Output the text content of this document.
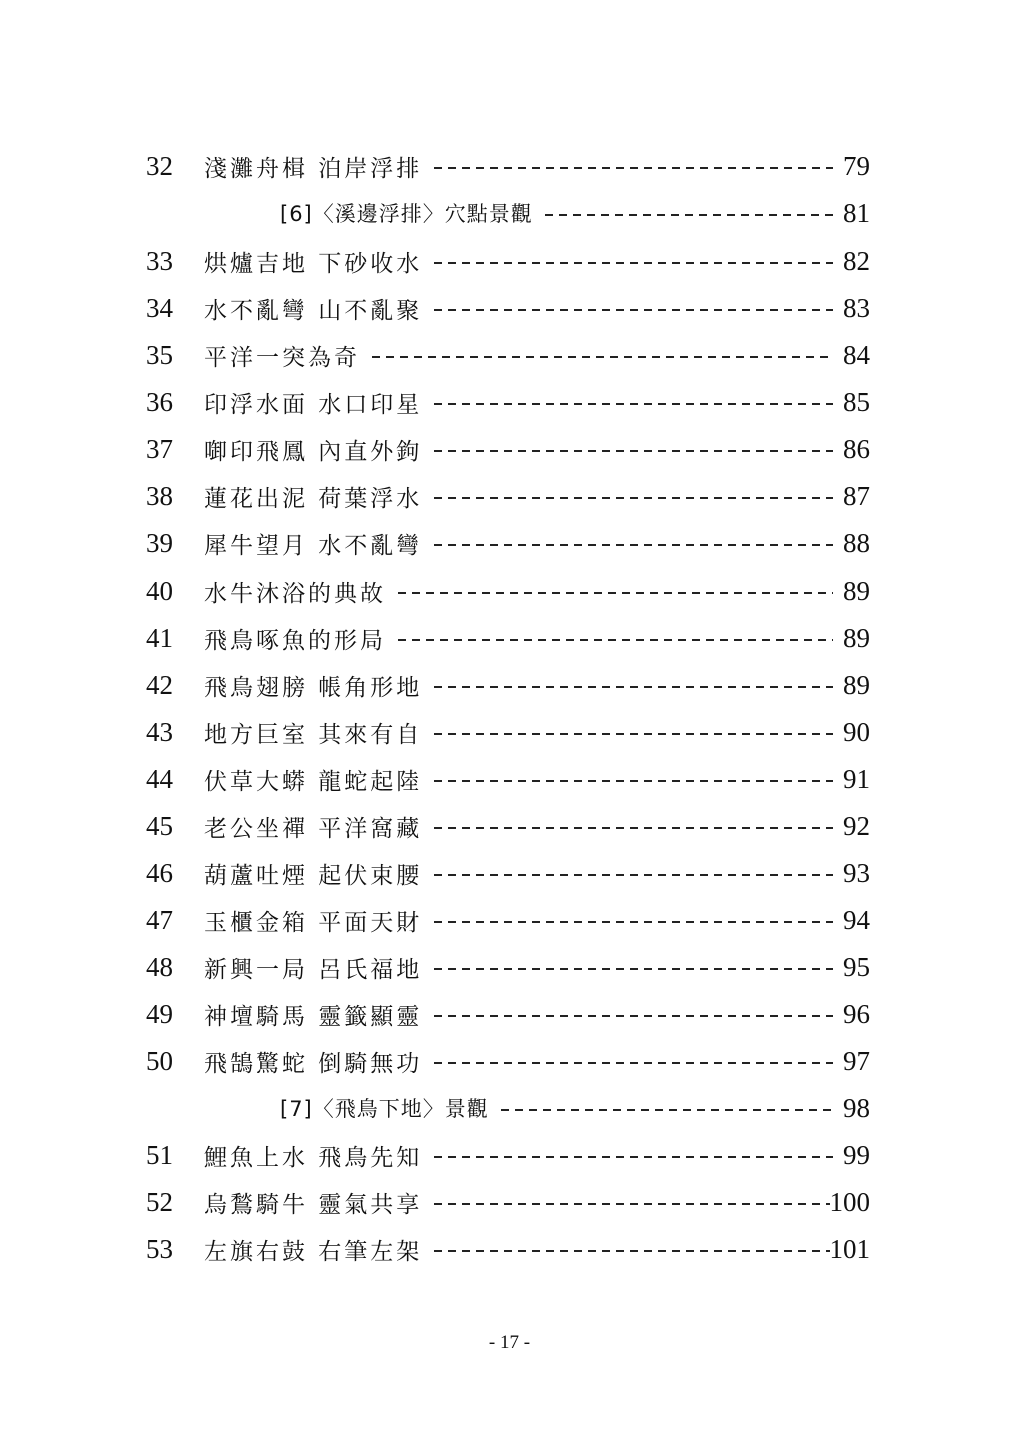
32	淺灘舟楫 泊岸浮排	79
[6]〈溪邊浮排〉穴點景觀	81
33	烘爐吉地 下砂收水	82
34	水不亂彎 山不亂聚	83
35	平洋一突為奇	84
36	印浮水面 水口印星	85
37	啣印飛鳳 內直外鉤	86
38	蓮花出泥 荷葉浮水	87
39	犀牛望月 水不亂彎	88
40	水牛沐浴的典故	89
41	飛鳥啄魚的形局	89
42	飛鳥翅膀 帳角形地	89
43	地方巨室 其來有自	90
44	伏草大蟒 龍蛇起陸	91
45	老公坐禪 平洋窩藏	92
46	葫蘆吐煙 起伏束腰	93
47	玉櫃金箱 平面天財	94
48	新興一局 呂氏福地	95
49	神壇騎馬 靈籤顯靈	96
50	飛鵠驚蛇 倒騎無功	97
[7]〈飛鳥下地〉景觀	98
51	鯉魚上水 飛鳥先知	99
52	烏鶖騎牛 靈氣共享	100
53	左旗右鼓 右筆左架	101
- 17 -
